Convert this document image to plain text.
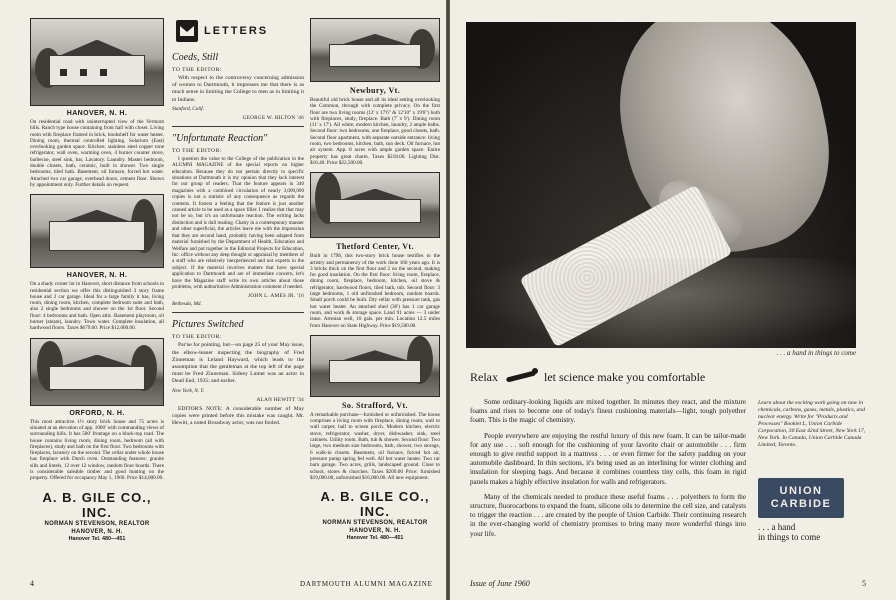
HANOVER, N. H.

On residential road with uninterrupted view of the Vermont hills. Ranch type house containing front hall with closet. Living room with fireplace framed in brick, bookshelf for water heater. Dining room, thermal controlled lighting. Solarium (East) overlooking garden space. Kitchen: stainless steel copper tone refrigerator, wall oven, warming oven, 4 burner counter stove, barbecue, steel sink, bar, Lavatory. Laundry. Master bedroom, double closets, bath, ceramic, built in shower. Two single bedrooms, tiled bath. Basement, oil furnace, forced hot water. Attached two car garage, overhead doors, cement floor. Shown by appointment only. Further details on request.

HANOVER, N. H.

On a shady corner lot in Hanover, short distance from schools in residential section we offer this distinguished 3 story frame house and 2 car garage. Ideal for a large family it has, living room, dining room, kitchen, complete bedroom suite and bath, also 2 single bedrooms and shower on the 1st floor. Second floor: 4 bedrooms and bath. Open attic. Basement playroom, oil burner (steam), laundry. Town water. Complete insulation, all hardwood floors. Taxes $679.00. Price $12,000.00.

ORFORD, N. H.

This most attractive 1½ story brick house and 75 acres is situated at an elevation of app. 1000' with commanding views of surrounding hills. It has 500' frontage on a black-top road. The house contains living room, dining room, bedroom (all with fireplaces), study and bath on the first floor. Two bedrooms with fireplaces, lavatory on the second. The cellar under whole house has fireplace with Dutch oven. Outstanding features: granite sills and lintels, 12 over 12 window, random floor boards. There is considerable saleable timber and good hunting on the property. Offered for occupancy May 1, 1960. Price $14,000.00.

A. B. GILE CO., INC.
NORMAN STEVENSON, REALTOR
HANOVER, N. H.
Hanover Tel. 480—451
LETTERS
Coeds, Still
TO THE EDITOR:

With respect to the controversy concerning admission of women to Dartmouth, it impresses me that there is as much sense in limiting the College to men as in limiting it to Indians.

Stanford, Calif.
GEORGE W. HILTON '46
"Unfortunate Reaction"
TO THE EDITOR:

I question the value to the College of the publication in the ALUMNI MAGAZINE of the special reports on higher education. Because they do not pertain directly to specific situations at Dartmouth it is my opinion that they lack interest for our group of readers. That the feature appears in 340 magazines with a combined circulation of nearly 3,000,000 copies is not a statistic of any consequence as regards the contents. It fosters a feeling that the feature is just another canned article to be used as a space filler. I realize that that may not be so, but it's an unfortunate reaction. The writing lacks distinction and is dull reading. Chatty in a contemporary manner and other superficial, the articles leave me with the impression that they are second hand, probably having been adapted from material furnished by the Department of Health, Education and Welfare and put together in the Editorial Projects for Education, Inc. office without any deep thought or appraisal by members of a staff who are relatively inexperienced and not experts in the subject. If the material involves matters that have special application to Dartmouth and are of immediate concern, let's have the Magazine staff write its own articles about those problems, with authoritative Administration comment if needed.

JOHN L. AMES JR. '16
Bethesda, Md.
Pictures Switched
TO THE EDITOR:

Par'ne for pointing, but—on page 25 of your May issue, the elbow-leaner inspecting the biography of Fred Zinneman is Leland Hayward, which leads to the assumption that the gentleman at the top left of the page must be Fred Zinneman. Sidney Lumet was an actor in Dead End, 1935; and earlier.

New York, N. Y.
ALAN HEWITT '34

EDITOR'S NOTE: A considerable number of May copies were printed before this mistake was caught. Mr. Hewitt, a noted Broadway actor, was not fooled.

Newbury, Vt.

Beautiful old brick house and all its ideal setting overlooking the Common, through with complete privacy. On the first floor are two living rooms (12' x 17'6" & 12'10" x 19'8") both with fireplaces, study, fireplace. Bath (7' x 9'). Dining room (11' x 17'). All white, modern kitchen, laundry, 2 ample baths. Second floor: two bedrooms, one fireplace, good closets, bath. Second floor apartment, with separate outside entrance: living room, two bedrooms, kitchen, bath, sun deck. Oil furnace, hot air system. App. 8 acres with ample garden space. Entire property has great charm. Taxes $218.00. Lighting Dist. $16.40. Price $22,500.00.

Thetford Center, Vt.

Built in 1798, this two-story brick house testifies to the artistry and permanency of the work done 160 years ago. It is 3 bricks thick on the first floor and 2 on the second, making for good insulation. On the first floor: living room, fireplace, dining room, fireplace, bedroom, kitchen, oil stove & refrigerator, hardwood floors, tiled bath, tub. Second floor: 3 large bedrooms, 1 old unfinished bedroom, random boards. Small porch could be built. Dry cellar with pressure tank, gas hot water heater. An attached shed (36') has 1 car garage room, and work & storage space. Land 91 acres — 3 under lease. Artesian well, 10 gals. per min. Location 12.5 miles from Hanover on State Highway. Price $19,500.00.

So. Strafford, Vt.

A remarkable purchase—furnished or unfurnished. The house comprises a living room with fireplace, dining room, wall to wall carpet; hall to screen porch. Modern kitchen, electric stove, refrigerator, washer, dryer, dishwasher, sink, steel cabinets. Utility room. Bath, tub & shower. Second floor: Two large, two medium size bedrooms, bath, shower, two storage, 6 walk-in closets. Basement, oil furnace, forced hot air, pressure pump spring fed well. All hot water heater. Two car barn garage. Two acres, grills, landscaped ground. Close to school, stores & churches. Taxes $200.00 Price: furnished $19,000.00, unfurnished $16,000.00. All new equipment.

A. B. GILE CO., INC.
NORMAN STEVENSON, REALTOR
HANOVER, N. H.
Hanover Tel. 480—451
4	DARTMOUTH ALUMNI MAGAZINE
. . . a hand in things to come
Relax	let science make you comfortable

Some ordinary-looking liquids are mixed together. In minutes they react, and the mixture foams and rises to become one of today's finest cushioning materials—light, tough polyether foam. This is the magic of chemistry.

People everywhere are enjoying the restful luxury of this new foam. It can be tailor-made for any use . . . soft enough for the cushioning of your favorite chair or automobile . . . firm enough to give restful support in a mattress . . . or even firmer for the safety padding on your automobile dashboard. In thin sections, it's being used as an interlining for winter clothing and insulation for sleeping bags. And because it combines countless tiny cells, this foam in rigid panels makes a highly effective insulation for walls and refrigerators.

Many of the chemicals needed to produce these useful foams . . . polyethers to form the structure, fluorocarbons to expand the foam, silicone oils to determine the cell size, and catalysts to trigger the reaction . . . are created by the people of Union Carbide. Their continuing research in the ever-changing world of chemistry promises to bring many more wonderful things into your life.

Learn about the exciting work going on now in chemicals, carbons, gases, metals, plastics, and nuclear energy. Write for "Products and Processes" Booklet L, Union Carbide Corporation, 30 East 42nd Street, New York 17, New York. In Canada, Union Carbide Canada Limited, Toronto.

UNION
CARBIDE
. . . a hand
in things to come
Issue of June 1960	5
